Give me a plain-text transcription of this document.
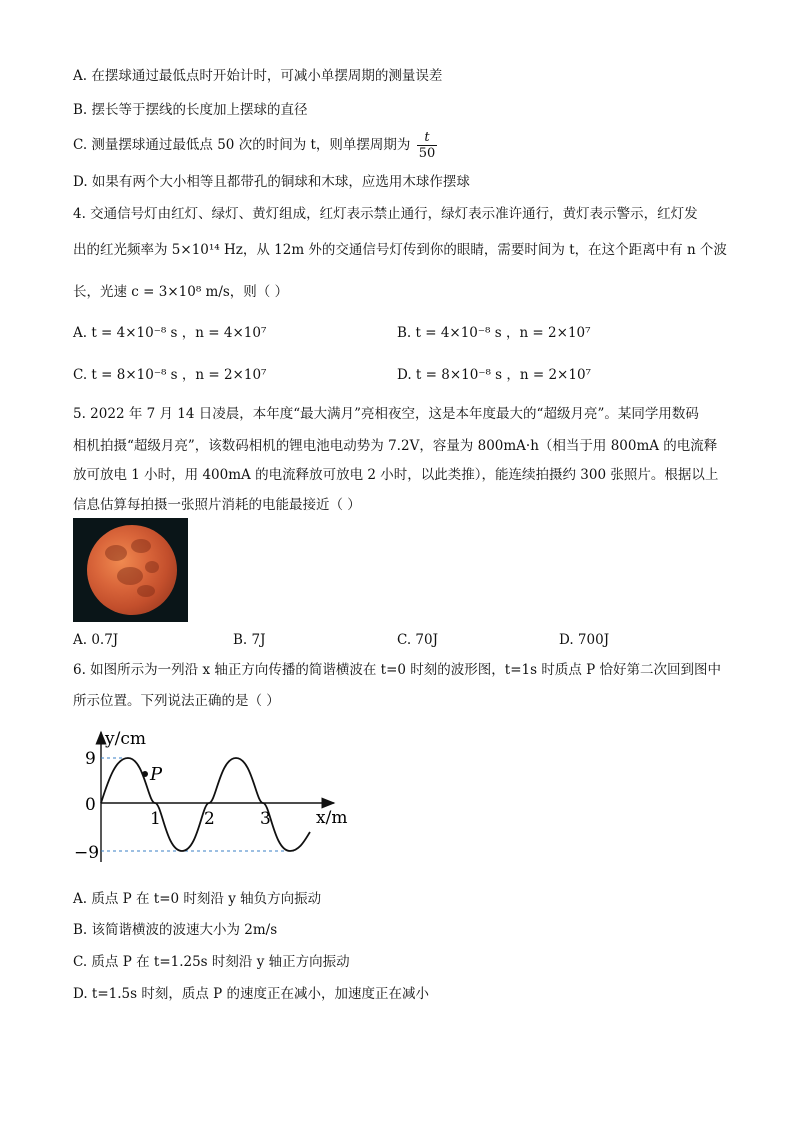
A. 在摆球通过最低点时开始计时，可减小单摆周期的测量误差
B. 摆长等于摆线的长度加上摆球的直径
C. 测量摆球通过最低点 50 次的时间为 t，则单摆周期为 $\frac{t}{50}$
D. 如果有两个大小相等且都带孔的铜球和木球，应选用木球作摆球
4. 交通信号灯由红灯、绿灯、黄灯组成，红灯表示禁止通行，绿灯表示准许通行，黄灯表示警示，红灯发
出的红光频率为 5×10¹⁴ Hz，从 12m 外的交通信号灯传到你的眼睛，需要时间为 t，在这个距离中有 n 个波
长，光速 c = 3×10⁸ m/s，则（ ）
A. t = 4×10⁻⁸ s ，n = 4×10⁷	B. t = 4×10⁻⁸ s ，n = 2×10⁷
C. t = 8×10⁻⁸ s ，n = 2×10⁷	D. t = 8×10⁻⁸ s ，n = 2×10⁷
5. 2022 年 7 月 14 日凌晨，本年度“最大满月”亮相夜空，这是本年度最大的“超级月亮”。某同学用数码
相机拍摄“超级月亮”，该数码相机的锂电池电动势为 7.2V，容量为 800mA·h（相当于用 800mA 的电流释
放可放电 1 小时，用 400mA 的电流释放可放电 2 小时，以此类推），能连续拍摄约 300 张照片。根据以上
信息估算每拍摄一张照片消耗的电能最接近（ ）
A. 0.7J	B. 7J	C. 70J	D. 700J
6. 如图所示为一列沿 x 轴正方向传播的简谐横波在 t=0 时刻的波形图，t=1s 时质点 P 恰好第二次回到图中
所示位置。下列说法正确的是（ ）
P
y/cm
x/m
9
0
−9
1	2	3
A. 质点 P 在 t=0 时刻沿 y 轴负方向振动
B. 该简谐横波的波速大小为 2m/s
C. 质点 P 在 t=1.25s 时刻沿 y 轴正方向振动
D. t=1.5s 时刻，质点 P 的速度正在减小，加速度正在减小
